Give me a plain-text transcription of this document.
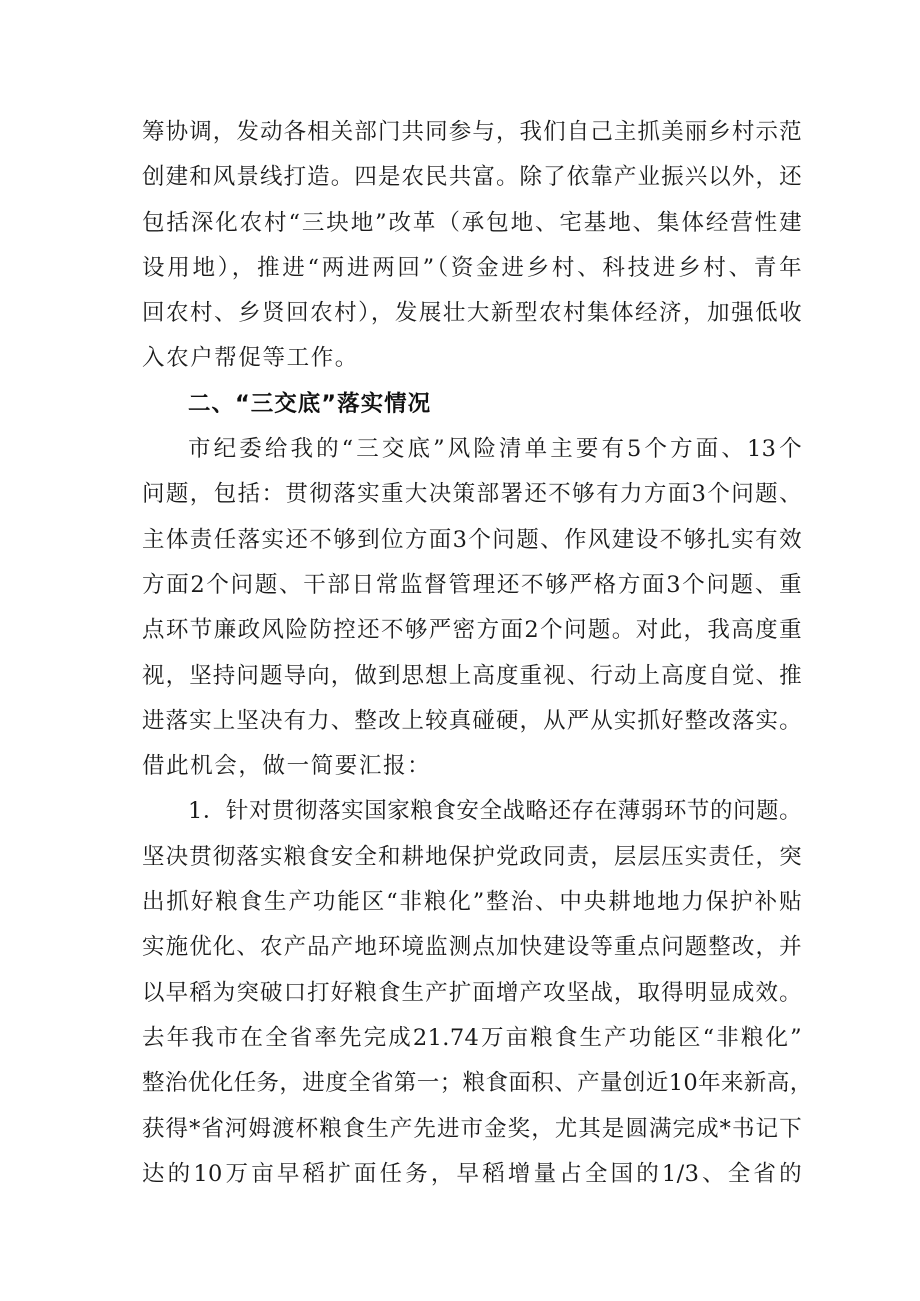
筹协调，发动各相关部门共同参与，我们自己主抓美丽乡村示范
创建和风景线打造。四是农民共富。除了依靠产业振兴以外，还
包括深化农村“三块地”改革（承包地、宅基地、集体经营性建
设用地），推进“两进两回”（资金进乡村、科技进乡村、青年
回农村、乡贤回农村），发展壮大新型农村集体经济，加强低收
入农户帮促等工作。
二、“三交底”落实情况
市纪委给我的“三交底”风险清单主要有5个方面、13个
问题，包括：贯彻落实重大决策部署还不够有力方面3个问题、
主体责任落实还不够到位方面3个问题、作风建设不够扎实有效
方面2个问题、干部日常监督管理还不够严格方面3个问题、重
点环节廉政风险防控还不够严密方面2个问题。对此，我高度重
视，坚持问题导向，做到思想上高度重视、行动上高度自觉、推
进落实上坚决有力、整改上较真碰硬，从严从实抓好整改落实。
借此机会，做一简要汇报：
1．针对贯彻落实国家粮食安全战略还存在薄弱环节的问题。
坚决贯彻落实粮食安全和耕地保护党政同责，层层压实责任，突
出抓好粮食生产功能区“非粮化”整治、中央耕地地力保护补贴
实施优化、农产品产地环境监测点加快建设等重点问题整改，并
以早稻为突破口打好粮食生产扩面增产攻坚战，取得明显成效。
去年我市在全省率先完成21.74万亩粮食生产功能区“非粮化”
整治优化任务，进度全省第一；粮食面积、产量创近10年来新高，
获得*省河姆渡杯粮食生产先进市金奖，尤其是圆满完成*书记下
达的10万亩早稻扩面任务，早稻增量占全国的1/3、全省的
